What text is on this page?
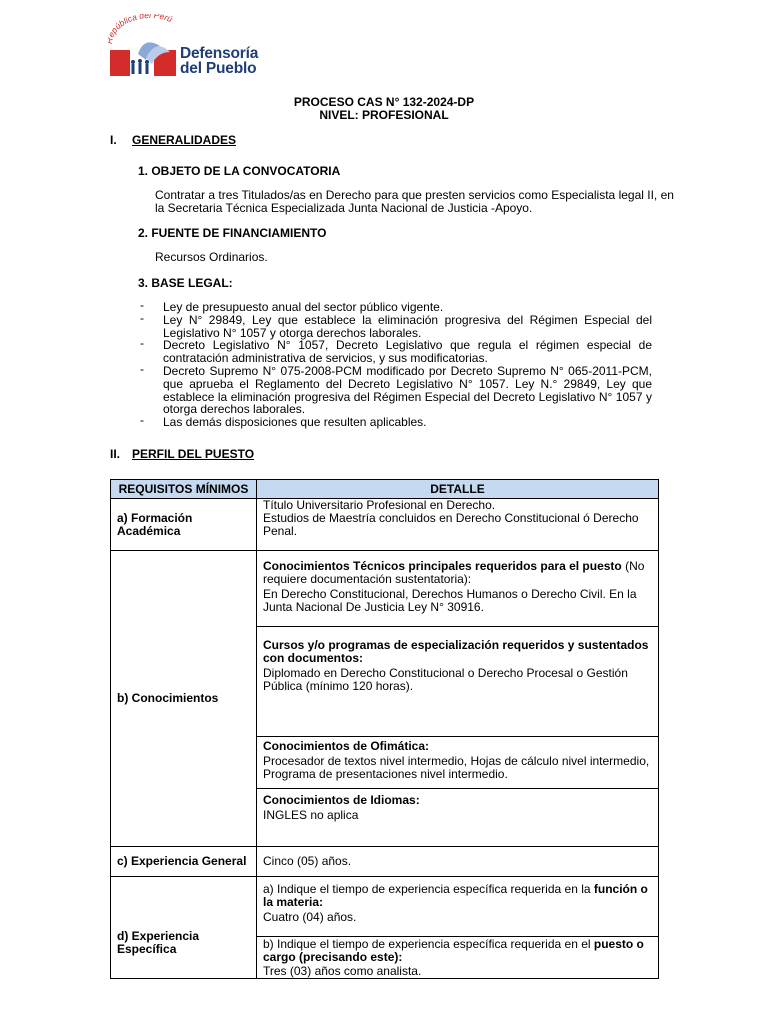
pública del Perú
Defensoría
del Pueblo
PROCESO CAS N° 132-2024-DP
NIVEL: PROFESIONAL
I. GENERALIDADES
1. OBJETO DE LA CONVOCATORIA
Contratar a tres Titulados/as en Derecho para que presten servicios como Especialista legal II, en
la Secretaria Técnica Especializada Junta Nacional de Justicia -Apoyo.
2. FUENTE DE FINANCIAMIENTO
Recursos Ordinarios.
3. BASE LEGAL:
- Ley de presupuesto anual del sector público vigente.
- Ley N° 29849, Ley que establece la eliminación progresiva del Régimen Especial del Legislativo N° 1057 y otorga derechos laborales.
- Decreto Legislativo N° 1057, Decreto Legislativo que regula el régimen especial de contratación administrativa de servicios, y sus modificatorias.
- Decreto Supremo N° 075-2008-PCM modificado por Decreto Supremo N° 065-2011-PCM, que aprueba el Reglamento del Decreto Legislativo N° 1057. Ley N.° 29849, Ley que establece la eliminación progresiva del Régimen Especial del Decreto Legislativo N° 1057 y otorga derechos laborales.
- Las demás disposiciones que resulten aplicables.
II. PERFIL DEL PUESTO
REQUISITOS MÍNIMOS	DETALLE
a) Formación Académica	Título Universitario Profesional en Derecho.
Estudios de Maestría concluidos en Derecho Constitucional ó Derecho Penal.

b) Conocimientos	Conocimientos Técnicos principales requeridos para el puesto (No requiere documentación sustentatoria):
En Derecho Constitucional, Derechos Humanos o Derecho Civil. En la Junta Nacional De Justicia Ley N° 30916.

	Cursos y/o programas de especialización requeridos y sustentados con documentos:
Diplomado en Derecho Constitucional o Derecho Procesal o Gestión Pública (mínimo 120 horas).

	Conocimientos de Ofimática:
Procesador de textos nivel intermedio, Hojas de cálculo nivel intermedio, Programa de presentaciones nivel intermedio.

	Conocimientos de Idiomas:
INGLES no aplica

c) Experiencia General	Cinco (05) años.
d) Experiencia Específica	a) Indique el tiempo de experiencia específica requerida en la función o la materia:
Cuatro (04) años.

	b) Indique el tiempo de experiencia específica requerida en el puesto o cargo (precisando este):
Tres (03) años como analista.
